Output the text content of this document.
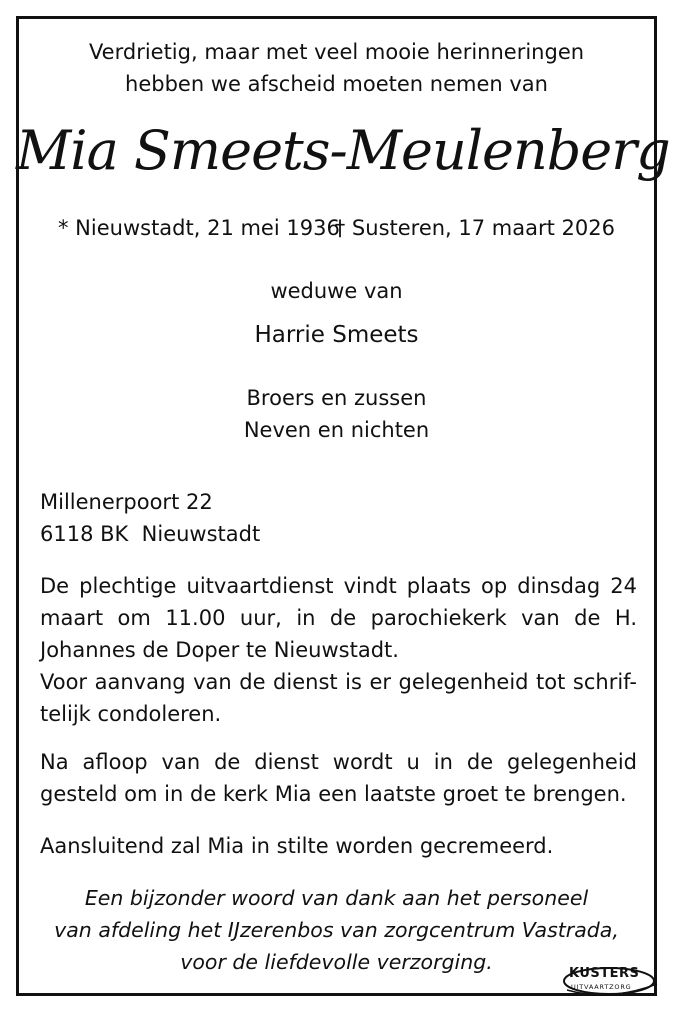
Verdrietig, maar met veel mooie herinneringen
hebben we afscheid moeten nemen van

Mia Smeets-Meulenberg

* Nieuwstadt, 21 mei 1936
† Susteren, 17 maart 2026

weduwe van

Harrie Smeets

Broers en zussen
Neven en nichten

Millenerpoort 22
6118 BK  Nieuwstadt

De plechtige uitvaartdienst vindt plaats op dinsdag 24 maart om 11.00 uur, in de parochiekerk van de H. Johannes de Doper te Nieuwstadt.

Voor aanvang van de dienst is er gelegenheid tot schrif-telijk condoleren.

Na afloop van de dienst wordt u in de gelegenheid gesteld om in de kerk Mia een laatste groet te brengen.

Aansluitend zal Mia in stilte worden gecremeerd.

Een bijzonder woord van dank aan het personeel
van afdeling het IJzerenbos van zorgcentrum Vastrada,
voor de liefdevolle verzorging.	KUSTERS
UITVAARTZORG
